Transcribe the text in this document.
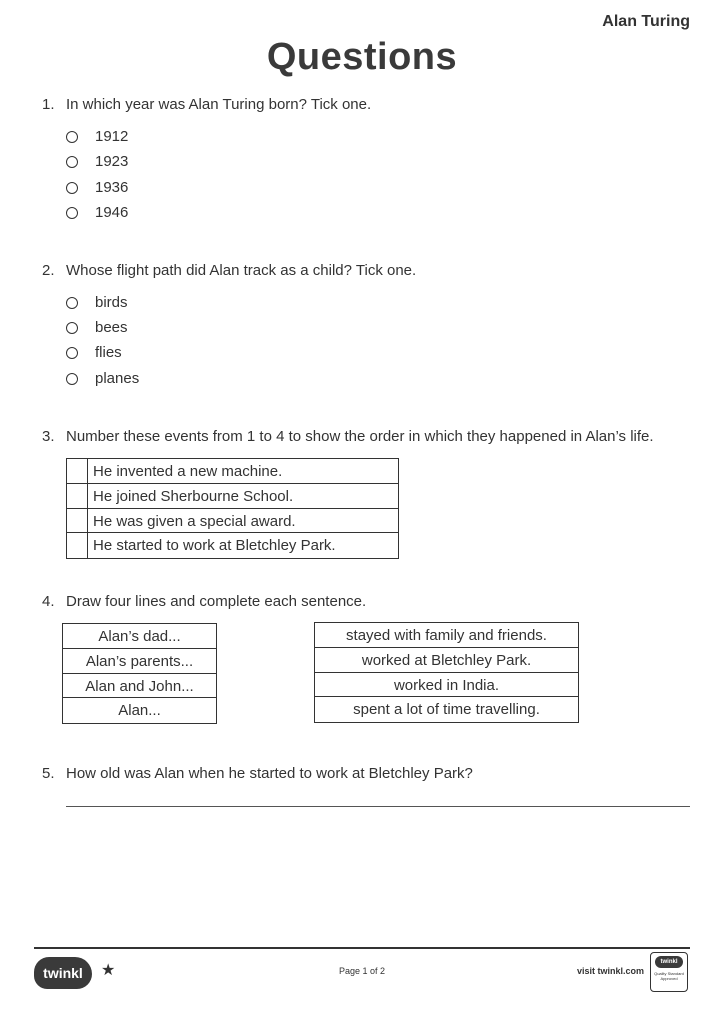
Alan Turing
Questions
1. In which year was Alan Turing born? Tick one.
1912
1923
1936
1946
2. Whose flight path did Alan track as a child? Tick one.
birds
bees
flies
planes
3. Number these events from 1 to 4 to show the order in which they happened in Alan’s life.
He invented a new machine.
He joined Sherbourne School.
He was given a special award.
He started to work at Bletchley Park.
4. Draw four lines and complete each sentence.
Alan’s dad...
Alan’s parents...
Alan and John...
Alan...
stayed with family and friends.
worked at Bletchley Park.
worked in India.
spent a lot of time travelling.
5. How old was Alan when he started to work at Bletchley Park?
twinkl	★	Page 1 of 2	visit twinkl.com
twinkl
Quality Standard Approved
